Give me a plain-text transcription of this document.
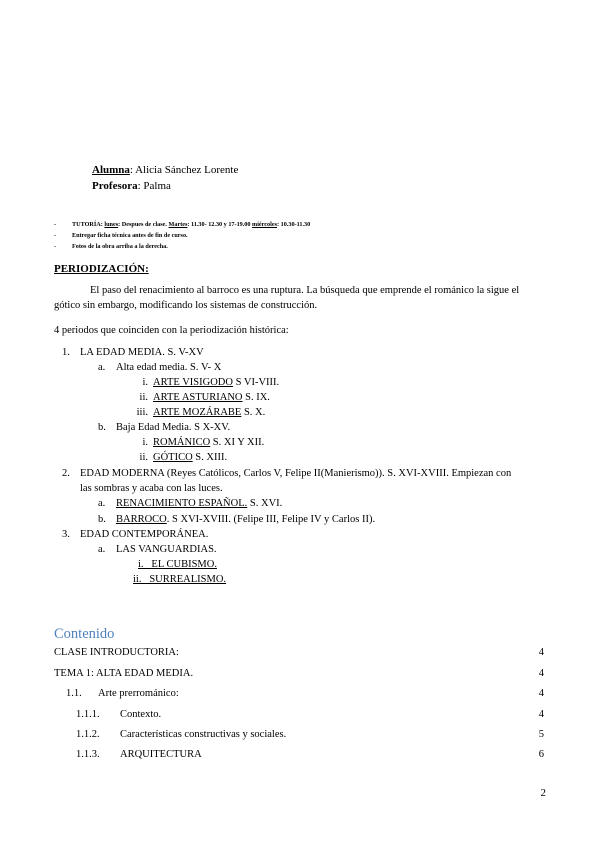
Alumna: Alicia Sánchez Lorente
Profesora: Palma
-	TUTORÍA: lunes: Despues de clase. Martes: 11.30- 12.30 y 17-19.00 miércoles: 10.30-11.30
-	Entregar ficha técnica antes de fin de curso.
-	Fotos de la obra arriba a la derecha.
PERIODIZACIÓN:
El paso del renacimiento al barroco es una ruptura. La búsqueda que emprende el románico la sigue el
gótico sin embargo, modificando los sistemas de construcción.
4 periodos que coinciden con la periodización histórica:
1. LA EDAD MEDIA. S. V-XV
a. Alta edad media. S. V- X
i. ARTE VISIGODO S VI-VIII.
ii. ARTE ASTURIANO S. IX.
iii. ARTE MOZÁRABE S. X.
b. Baja Edad Media. S X-XV.
i. ROMÁNICO S. XI Y XII.
ii. GÓTICO S. XIII.
2. EDAD MODERNA (Reyes Católicos, Carlos V, Felipe II(Manierismo)). S. XVI-XVIII. Empiezan con
las sombras y acaba con las luces.
a. RENACIMIENTO ESPAÑOL. S. XVI.
b. BARROCO. S XVI-XVIII. (Felipe III, Felipe IV y Carlos II).
3. EDAD CONTEMPORÁNEA.
a. LAS VANGUARDIAS.
i.   EL CUBISMO.
ii.   SURREALISMO.
Contenido
CLASE INTRODUCTORIA:	4
TEMA 1: ALTA EDAD MEDIA.	4
1.1. Arte prerrománico:	4
1.1.1. Contexto.	4
1.1.2. Características constructivas y sociales.	5
1.1.3. ARQUITECTURA	6
2
